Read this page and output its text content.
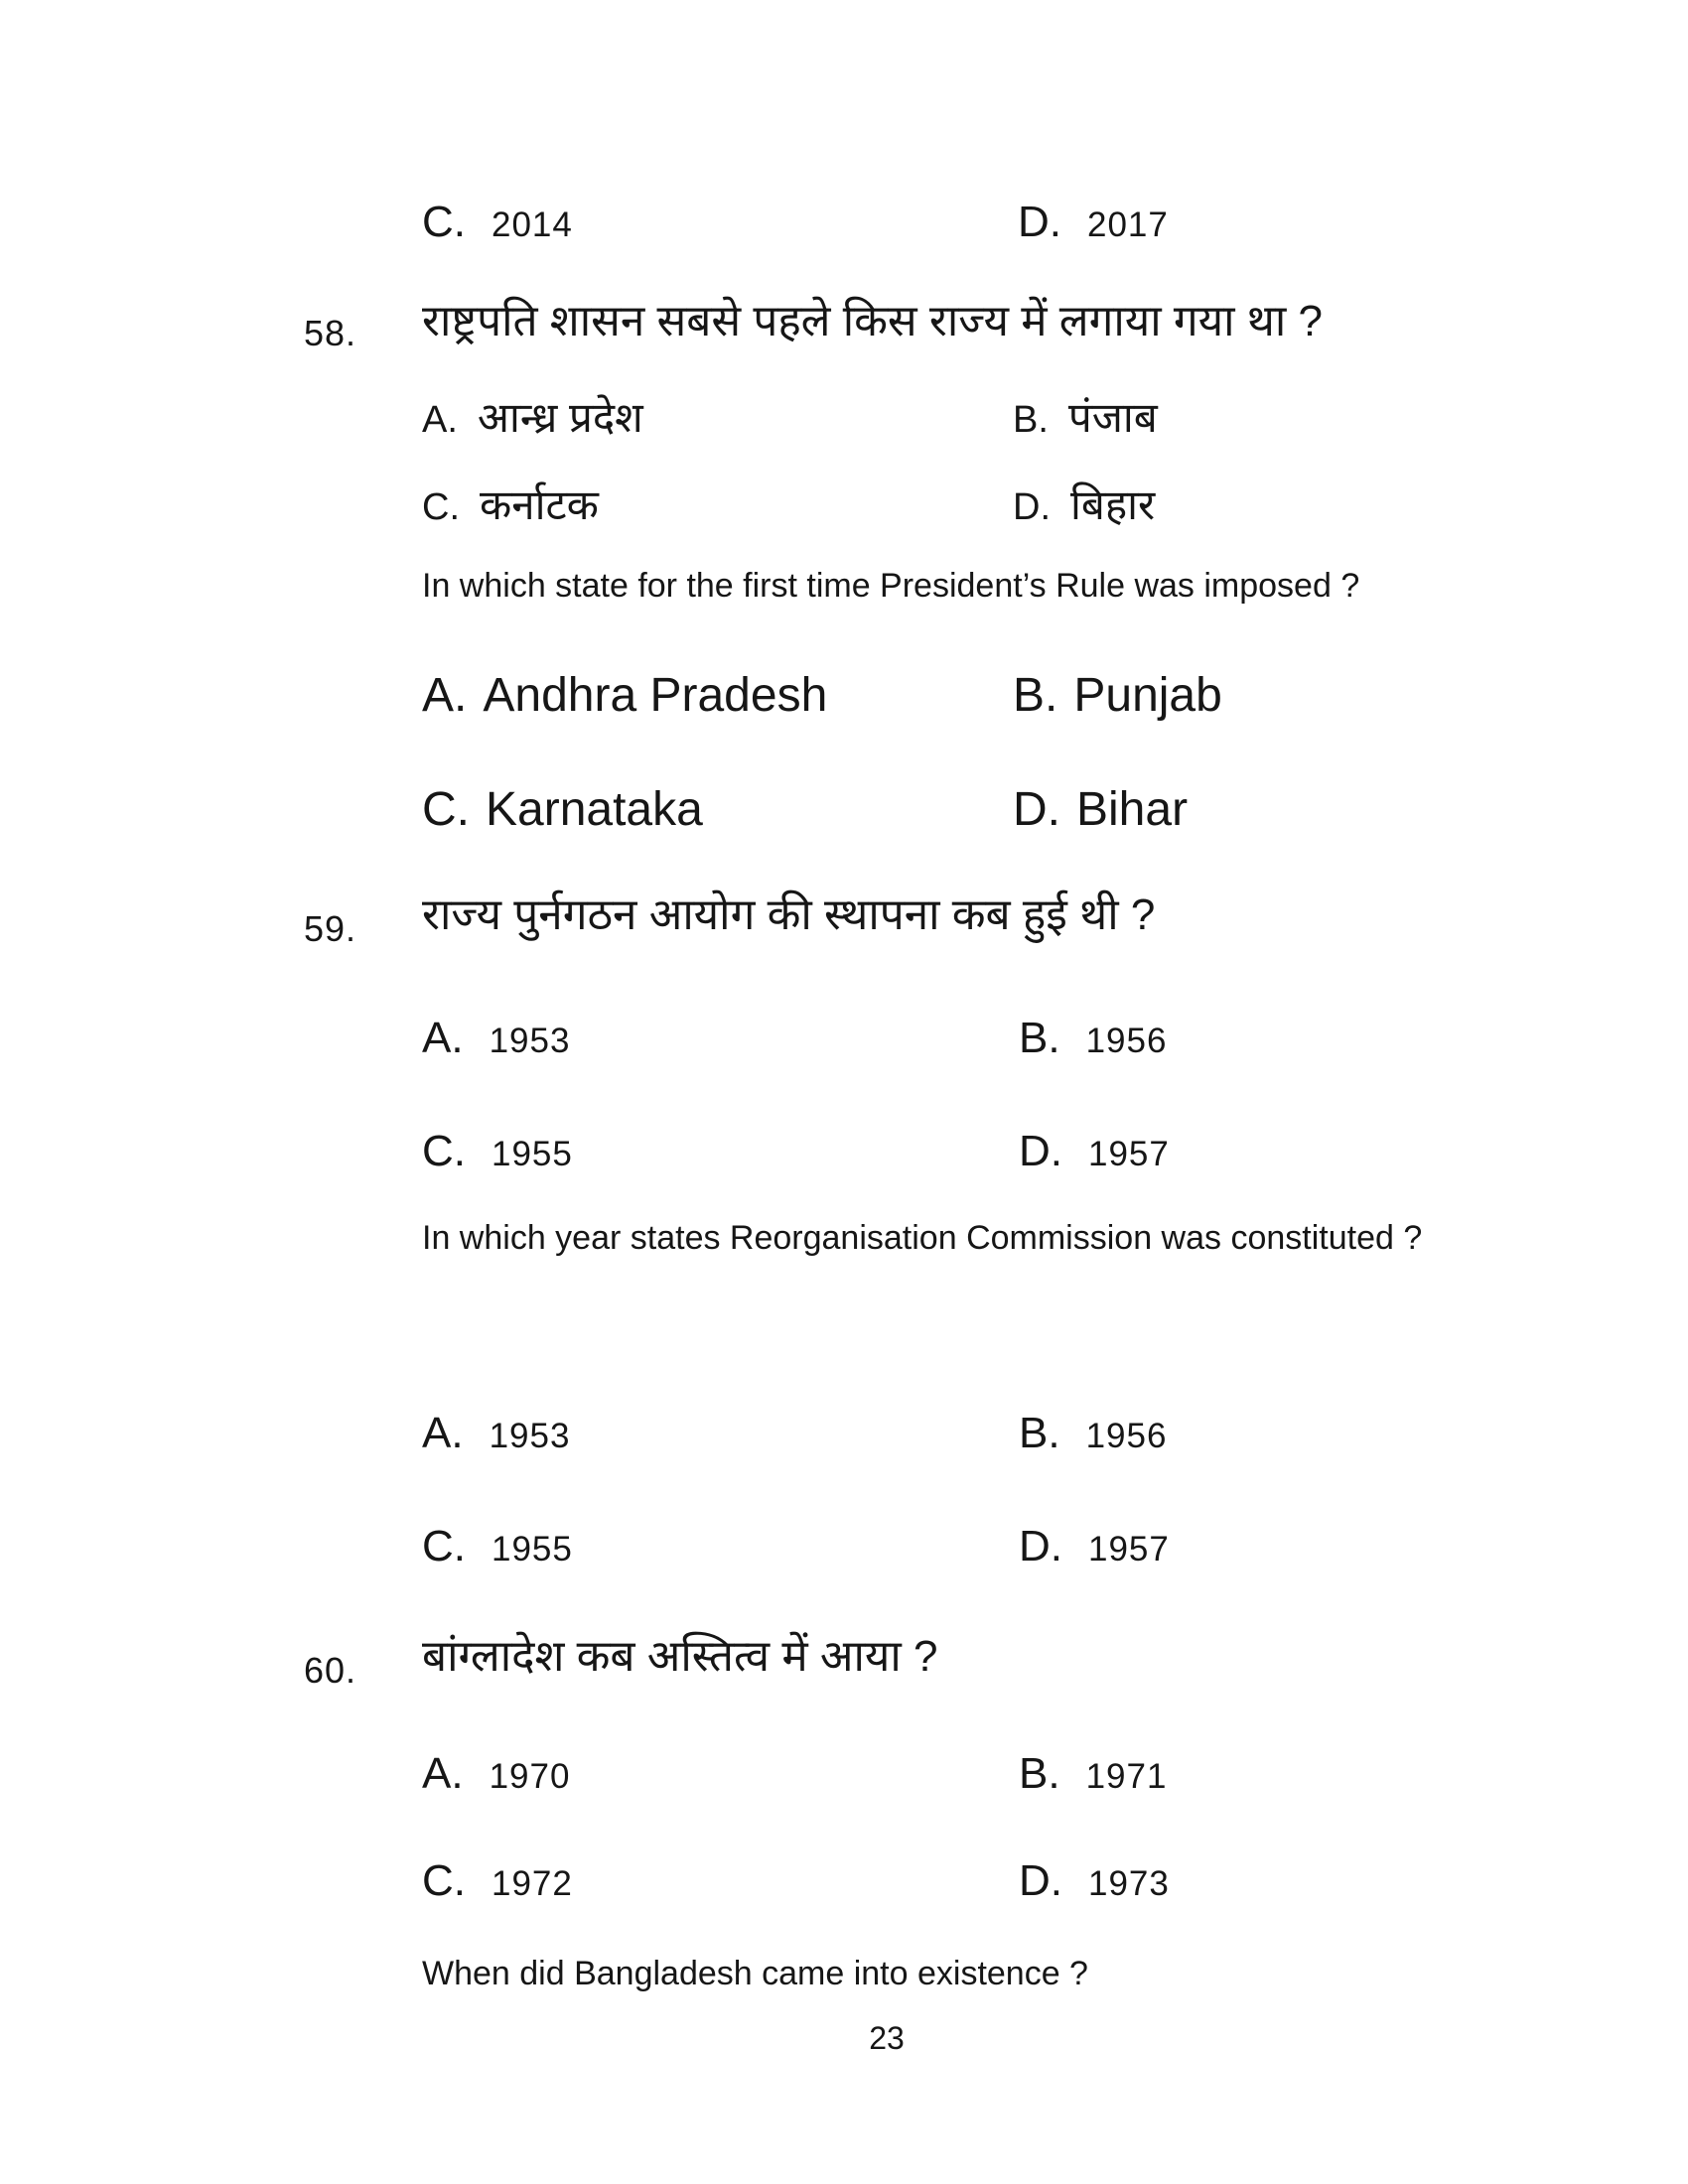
C. 2014	D. 2017
58. राष्ट्रपति शासन सबसे पहले किस राज्य में लगाया गया था ?
A. आन्ध्र प्रदेश	B. पंजाब
C. कर्नाटक	D. बिहार
In which state for the first time President’s Rule was imposed ?
A. Andhra Pradesh	B. Punjab
C. Karnataka	D. Bihar
59. राज्य पुर्नगठन आयोग की स्थापना कब हुई थी ?
A. 1953	B. 1956
C. 1955	D. 1957
In which year states Reorganisation Commission was constituted ?
A. 1953	B. 1956
C. 1955	D. 1957
60. बांग्लादेश कब अस्तित्व में आया ?
A. 1970	B. 1971
C. 1972	D. 1973
When did Bangladesh came into existence ?
23
